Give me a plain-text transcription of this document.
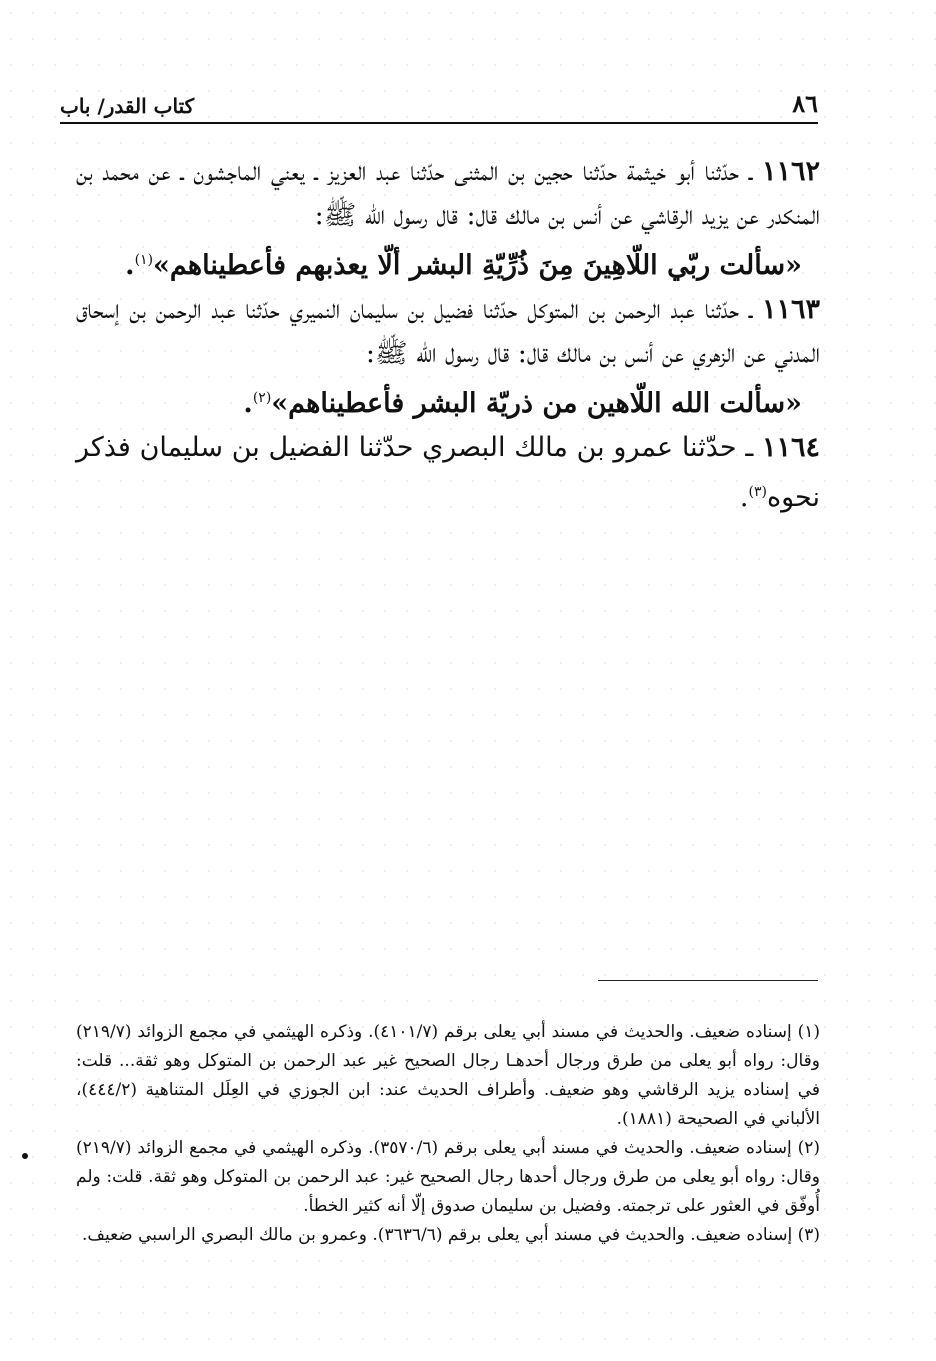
٨٦
كتاب القدر/ باب

١١٦٢ ـ حدّثنا أبو خيثمة حدّثنا حجين بن المثنى حدّثنا عبد العزيز ـ يعني الماجشون ـ عن محمد بن المنكدر عن يزيد الرقاشي عن أنس بن مالك قال: قال رسول الله ﷺ:

«سألت ربّي اللّاهِينَ مِنَ ذُرِّيّةِ البشر ألّا يعذبهم فأعطيناهم»$^{(١)}$.

١١٦٣ ـ حدّثنا عبد الرحمن بن المتوكل حدّثنا فضيل بن سليمان النميري حدّثنا عبد الرحمن بن إسحاق المدني عن الزهري عن أنس بن مالك قال: قال رسول الله ﷺ:

«سألت الله اللّاهين من ذريّة البشر فأعطيناهم»$^{(٢)}$.

١١٦٤ ـ حدّثنا عمرو بن مالك البصري حدّثنا الفضيل بن سليمان فذكر نحوه$^{(٣)}$.

(١) إسناده ضعيف. والحديث في مسند أبي يعلى برقم (٤١٠١/٧). وذكره الهيثمي في مجمع الزوائد (٢١٩/٧) وقال: رواه أبو يعلى من طرق ورجال أحدهـا رجال الصحيح غير عبد الرحمن بن المتوكل وهو ثقة... قلت: في إسناده يزيد الرقاشي وهو ضعيف. وأطراف الحديث عند: ابن الجوزي في العِلَل المتناهية (٤٤٤/٢)، الألباني في الصحيحة (١٨٨١).

(٢) إسناده ضعيف. والحديث في مسند أبي يعلى برقم (٣٥٧٠/٦). وذكره الهيثمي في مجمع الزوائد (٢١٩/٧) وقال: رواه أبو يعلى من طرق ورجال أحدها رجال الصحيح غير: عبد الرحمن بن المتوكل وهو ثقة. قلت: ولم أُوفّق في العثور على ترجمته. وفضيل بن سليمان صدوق إلّا أنه كثير الخطأ.

(٣) إسناده ضعيف. والحديث في مسند أبي يعلى برقم (٣٦٣٦/٦). وعمرو بن مالك البصري الراسبي ضعيف.
